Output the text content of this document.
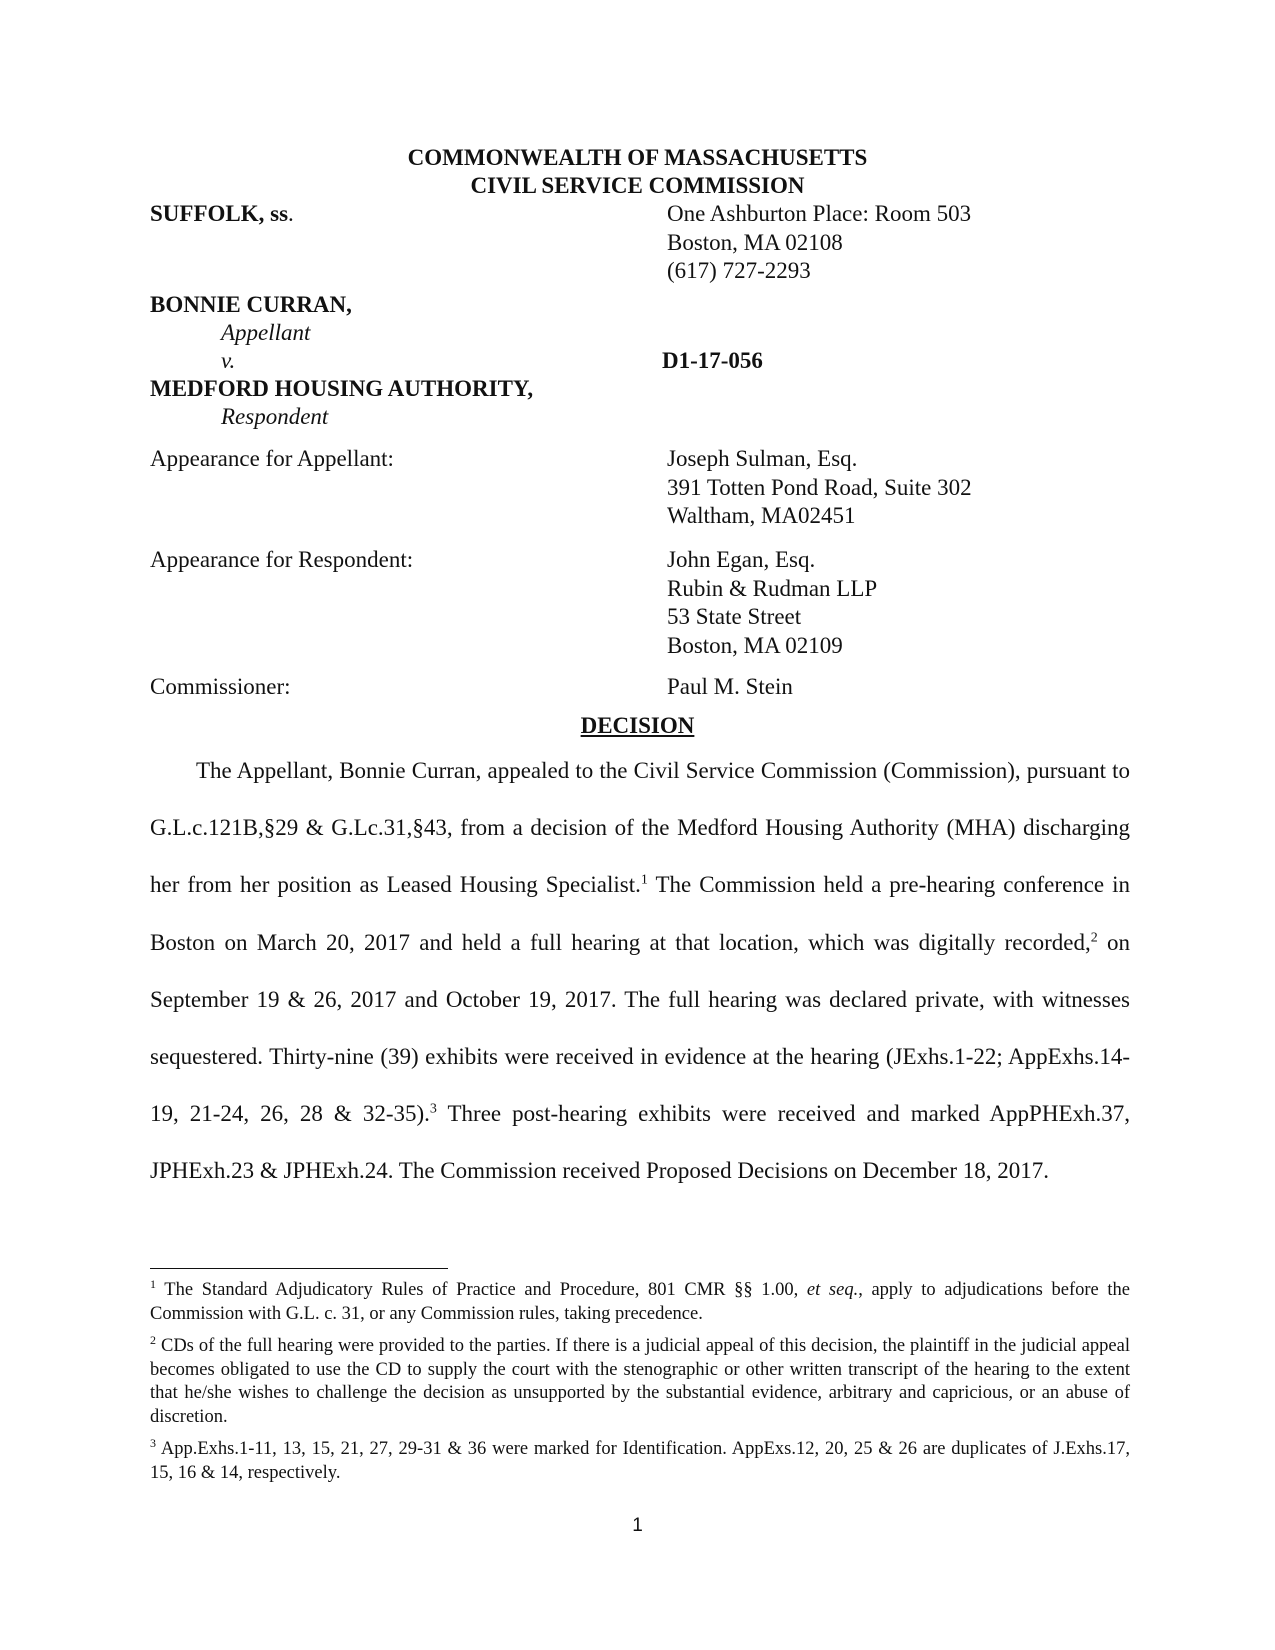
COMMONWEALTH OF MASSACHUSETTS
CIVIL SERVICE COMMISSION
SUFFOLK, ss.	One Ashburton Place: Room 503
Boston, MA 02108
(617) 727-2293
BONNIE CURRAN,
Appellant
v.	D1-17-056
MEDFORD HOUSING AUTHORITY,
Respondent
Appearance for Appellant:	Joseph Sulman, Esq.
391 Totten Pond Road, Suite 302
Waltham, MA02451
Appearance for Respondent:	John Egan, Esq.
Rubin & Rudman LLP
53 State Street
Boston, MA 02109
Commissioner:	Paul M. Stein
DECISION
The Appellant, Bonnie Curran, appealed to the Civil Service Commission (Commission), pursuant to G.L.c.121B,§29 & G.Lc.31,§43, from a decision of the Medford Housing Authority (MHA) discharging her from her position as Leased Housing Specialist.$^1$ The Commission held a pre-hearing conference in Boston on March 20, 2017 and held a full hearing at that location, which was digitally recorded,$^2$ on September 19 & 26, 2017 and October 19, 2017. The full hearing was declared private, with witnesses sequestered. Thirty-nine (39) exhibits were received in evidence at the hearing (JExhs.1-22; AppExhs.14-19, 21-24, 26, 28 & 32-35).$^3$ Three post-hearing exhibits were received and marked AppPHExh.37, JPHExh.23 & JPHExh.24. The Commission received Proposed Decisions on December 18, 2017.
$^1$ The Standard Adjudicatory Rules of Practice and Procedure, 801 CMR §§ 1.00, et seq., apply to adjudications before the Commission with G.L. c. 31, or any Commission rules, taking precedence.
$^2$ CDs of the full hearing were provided to the parties. If there is a judicial appeal of this decision, the plaintiff in the judicial appeal becomes obligated to use the CD to supply the court with the stenographic or other written transcript of the hearing to the extent that he/she wishes to challenge the decision as unsupported by the substantial evidence, arbitrary and capricious, or an abuse of discretion.
$^3$ App.Exhs.1-11, 13, 15, 21, 27, 29-31 & 36 were marked for Identification. AppExs.12, 20, 25 & 26 are duplicates of J.Exhs.17, 15, 16 & 14, respectively.
1
